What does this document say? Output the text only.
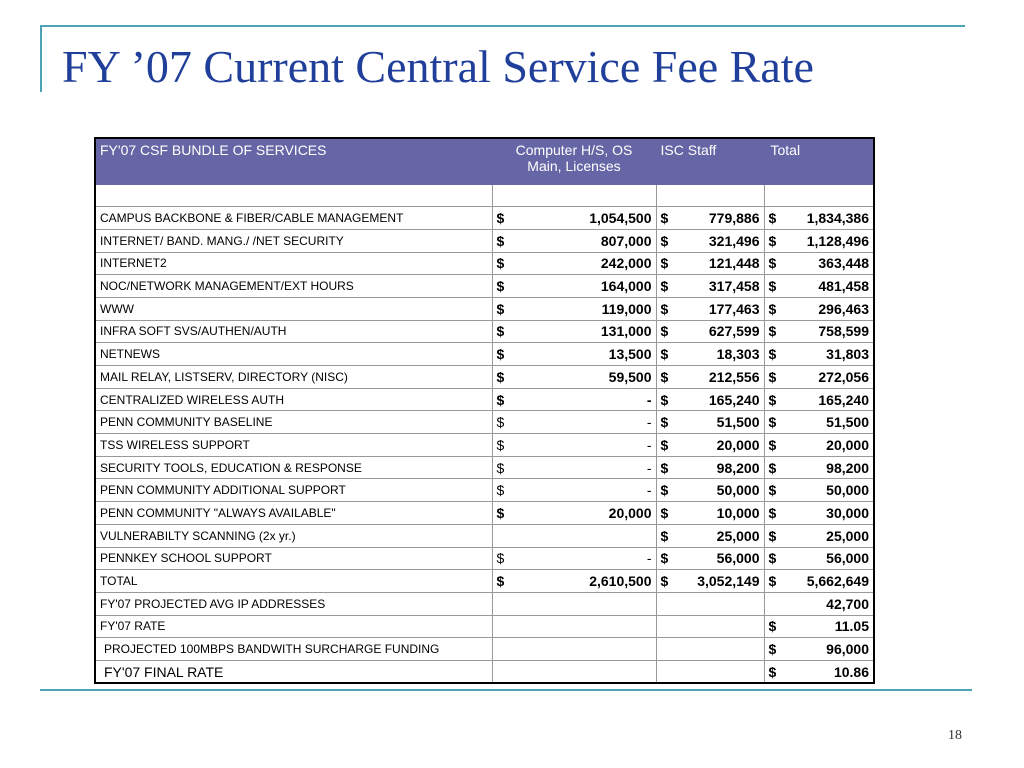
FY ’07 Current Central Service Fee Rate
FY'07 CSF BUNDLE OF SERVICES	Computer H/S, OS
Main, Licenses	ISC Staff	Total

CAMPUS BACKBONE & FIBER/CABLE MANAGEMENT	$ 1,054,500	$ 779,886	$ 1,834,386

INTERNET/ BAND. MANG./ /NET SECURITY	$ 807,000	$ 321,496	$ 1,128,496

INTERNET2	$ 242,000	$ 121,448	$ 363,448

NOC/NETWORK MANAGEMENT/EXT HOURS	$ 164,000	$ 317,458	$ 481,458

WWW	$ 119,000	$ 177,463	$ 296,463

INFRA SOFT SVS/AUTHEN/AUTH	$ 131,000	$ 627,599	$ 758,599

NETNEWS	$ 13,500	$ 18,303	$ 31,803

MAIL RELAY, LISTSERV, DIRECTORY (NISC)	$ 59,500	$ 212,556	$ 272,056

CENTRALIZED WIRELESS AUTH	$ -	$ 165,240	$ 165,240

PENN COMMUNITY BASELINE	$ -	$ 51,500	$ 51,500

TSS WIRELESS SUPPORT	$ -	$ 20,000	$ 20,000

SECURITY TOOLS, EDUCATION & RESPONSE	$ -	$ 98,200	$ 98,200

PENN COMMUNITY ADDITIONAL SUPPORT	$ -	$ 50,000	$ 50,000

PENN COMMUNITY "ALWAYS AVAILABLE"	$ 20,000	$ 10,000	$ 30,000

VULNERABILTY SCANNING (2x yr.)		$ 25,000	$ 25,000

PENNKEY SCHOOL SUPPORT	$ -	$ 56,000	$ 56,000

TOTAL	$ 2,610,500	$ 3,052,149	$ 5,662,649

FY'07 PROJECTED AVG IP ADDRESSES			42,700

FY'07 RATE			$ 11.05

PROJECTED 100MBPS BANDWITH SURCHARGE FUNDING			$ 96,000

FY'07 FINAL RATE			$ 10.86
18
